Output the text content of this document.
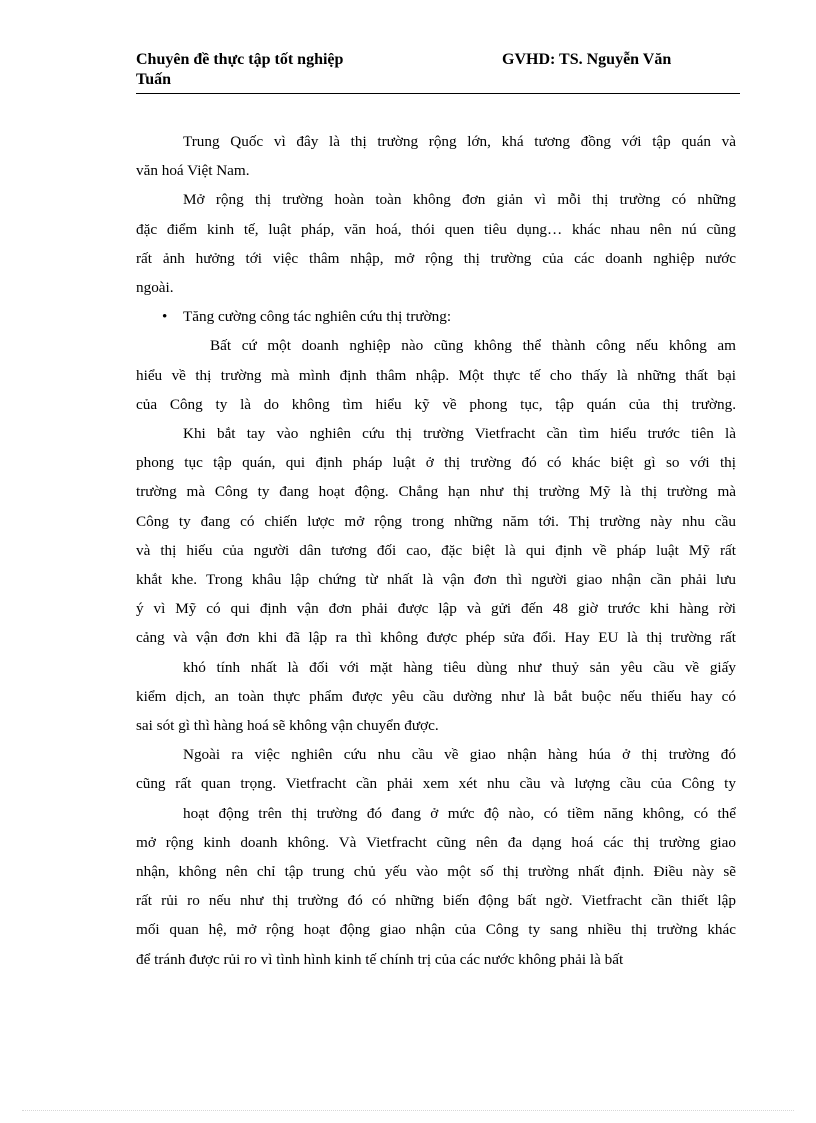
Chuyên đề thực tập tốt nghiệp
Tuấn
GVHD: TS. Nguyễn Văn
Trung Quốc vì đây là thị trường rộng lớn, khá tương đồng với tập quán và
văn hoá Việt Nam.
Mở rộng thị trường hoàn toàn không đơn giản vì mỗi thị trường có những
đặc điểm kinh tế, luật pháp, văn hoá, thói quen tiêu dụng… khác nhau nên nú cũng
rất ảnh hưởng tới việc thâm nhập, mở rộng thị trường của các doanh nghiệp nước
ngoài.
•	Tăng cường công tác nghiên cứu thị trường:
Bất cứ một doanh nghiệp nào cũng không thể thành công nếu không am
hiểu về thị trường mà mình định thâm nhập. Một thực tế cho thấy là những thất bại
của Công ty là do không tìm hiểu kỹ về phong tục, tập quán của thị trường.
Khi bắt tay vào nghiên cứu thị trường Vietfracht cần tìm hiểu trước tiên là
phong tục tập quán, qui định pháp luật ở thị trường đó có khác biệt gì so với thị
trường mà Công ty đang hoạt động. Chẳng hạn như thị trường Mỹ là thị trường mà
Công ty đang có chiến lược mở rộng trong những năm tới. Thị trường này nhu cầu
và thị hiếu của người dân tương đối cao, đặc biệt là qui định về pháp luật Mỹ rất
khắt khe. Trong khâu lập chứng từ nhất là vận đơn thì người giao nhận cần phải lưu
ý vì Mỹ có qui định vận đơn phải được lập và gửi đến 48 giờ trước khi hàng rời
cảng và vận đơn khi đã lập ra thì không được phép sửa đổi. Hay EU là thị trường rất
khó tính nhất là đối với mặt hàng tiêu dùng như thuỷ sản yêu cầu về giấy
kiểm dịch, an toàn thực phẩm được yêu cầu dường như là bắt buộc nếu thiếu hay có
sai sót gì thì hàng hoá sẽ không vận chuyển được.
Ngoài ra việc nghiên cứu nhu cầu về giao nhận hàng húa ở thị trường đó
cũng rất quan trọng. Vietfracht cần phải xem xét nhu cầu và lượng cầu của Công ty
hoạt động trên thị trường đó đang ở mức độ nào, có tiềm năng không, có thể
mở rộng kinh doanh không. Và Vietfracht cũng nên đa dạng hoá các thị trường giao
nhận, không nên chỉ tập trung chủ yếu vào một số thị trường nhất định. Điều này sẽ
rất rủi ro nếu như thị trường đó có những biến động bất ngờ. Vietfracht cần thiết lập
mối quan hệ, mở rộng hoạt động giao nhận của Công ty sang nhiều thị trường khác
để tránh được rủi ro vì tình hình kinh tế chính trị của các nước không phải là bất
